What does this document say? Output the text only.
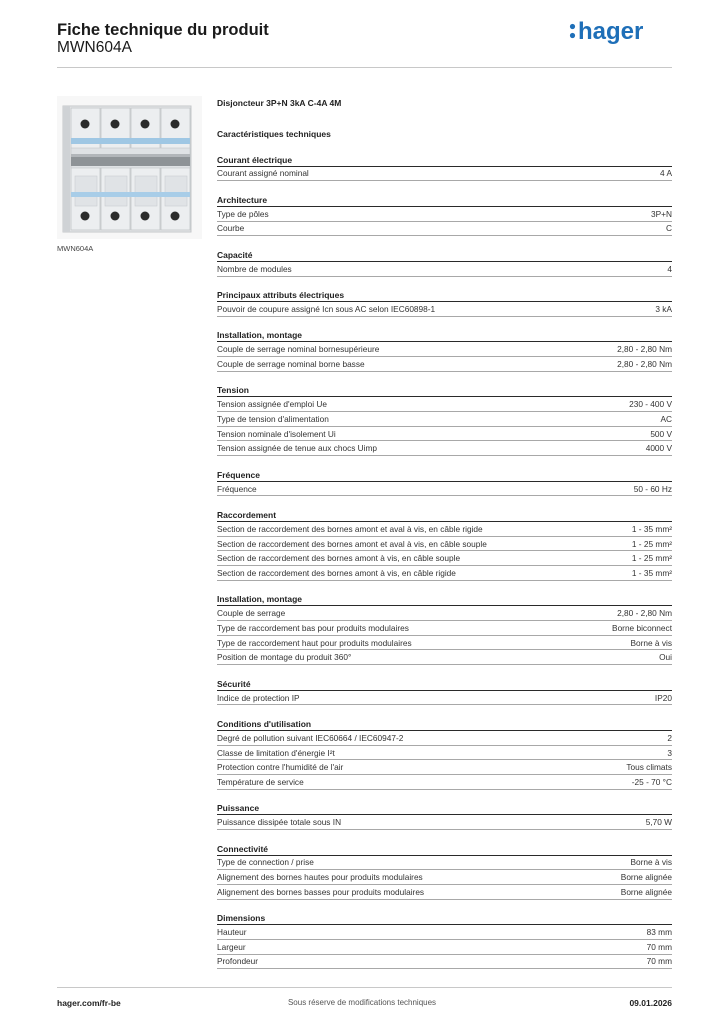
Fiche technique du produit
MWN604A
hager
MWN604A
Disjoncteur 3P+N 3kA C-4A 4M
Caractéristiques techniques
Courant électrique
Courant assigné nominal	4 A
Architecture
Type de pôles	3P+N
Courbe	C
Capacité
Nombre de modules	4
Principaux attributs électriques
Pouvoir de coupure assigné Icn sous AC selon IEC60898-1	3 kA
Installation, montage
Couple de serrage nominal bornesupérieure	2,80 - 2,80 Nm
Couple de serrage nominal borne basse	2,80 - 2,80 Nm
Tension
Tension assignée d'emploi Ue	230 - 400 V
Type de tension d'alimentation	AC
Tension nominale d'isolement Ui	500 V
Tension assignée de tenue aux chocs Uimp	4000 V
Fréquence
Fréquence	50 - 60 Hz
Raccordement
Section de raccordement des bornes amont et aval à vis, en câble rigide	1 - 35 mm²
Section de raccordement des bornes amont et aval à vis, en câble souple	1 - 25 mm²
Section de raccordement des bornes amont à vis, en câble souple	1 - 25 mm²
Section de raccordement des bornes amont à vis, en câble rigide	1 - 35 mm²
Installation, montage
Couple de serrage	2,80 - 2,80 Nm
Type de raccordement bas pour produits modulaires	Borne biconnect
Type de raccordement haut pour produits modulaires	Borne à vis
Position de montage du produit 360°	Oui
Sécurité
Indice de protection IP	IP20
Conditions d'utilisation
Degré de pollution suivant IEC60664 / IEC60947-2	2
Classe de limitation d'énergie I²t	3
Protection contre l'humidité de l'air	Tous climats
Température de service	-25 - 70 °C
Puissance
Puissance dissipée totale sous IN	5,70 W
Connectivité
Type de connection / prise	Borne à vis
Alignement des bornes hautes pour produits modulaires	Borne alignée
Alignement des bornes basses pour produits modulaires	Borne alignée
Dimensions
Hauteur	83 mm
Largeur	70 mm
Profondeur	70 mm
Sous réserve de modifications techniques
hager.com/fr-be	09.01.2026
